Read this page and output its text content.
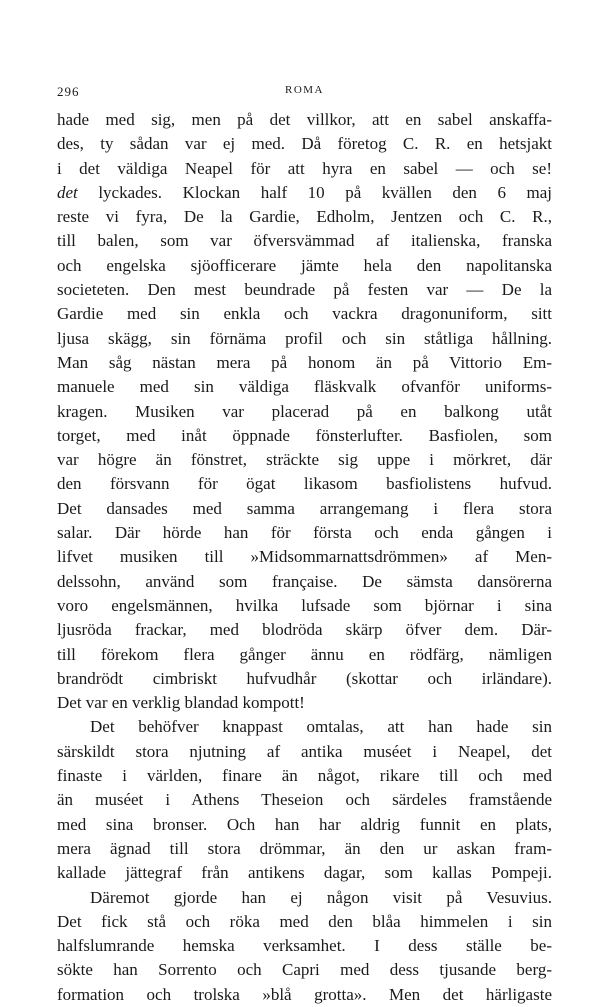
296	ROMA
hade med sig, men på det villkor, att en sabel anskaffa-
des, ty sådan var ej med. Då företog C. R. en hetsjakt
i det väldiga Neapel för att hyra en sabel — och se!
det lyckades. Klockan half 10 på kvällen den 6 maj
reste vi fyra, De la Gardie, Edholm, Jentzen och C. R.,
till balen, som var öfversvämmad af italienska, franska
och engelska sjöofficerare jämte hela den napolitanska
societeten. Den mest beundrade på festen var — De la
Gardie med sin enkla och vackra dragonuniform, sitt
ljusa skägg, sin förnäma profil och sin ståtliga hållning.
Man såg nästan mera på honom än på Vittorio Em-
manuele med sin väldiga fläskvalk ofvanför uniforms-
kragen. Musiken var placerad på en balkong utåt
torget, med inåt öppnade fönsterlufter. Basfiolen, som
var högre än fönstret, sträckte sig uppe i mörkret, där
den försvann för ögat likasom basfiolistens hufvud.
Det dansades med samma arrangemang i flera stora
salar. Där hörde han för första och enda gången i
lifvet musiken till »Midsommarnattsdrömmen» af Men-
delssohn, använd som française. De sämsta dansörerna
voro engelsmännen, hvilka lufsade som björnar i sina
ljusröda frackar, med blodröda skärp öfver dem. Där-
till förekom flera gånger ännu en rödfärg, nämligen
brandrödt cimbriskt hufvudhår (skottar och irländare).
Det var en verklig blandad kompott!
Det behöfver knappast omtalas, att han hade sin
särskildt stora njutning af antika muséet i Neapel, det
finaste i världen, finare än något, rikare till och med
än muséet i Athens Theseion och särdeles framstående
med sina bronser. Och han har aldrig funnit en plats,
mera ägnad till stora drömmar, än den ur askan fram-
kallade jättegraf från antikens dagar, som kallas Pompeji.
Däremot gjorde han ej någon visit på Vesuvius.
Det fick stå och röka med den blåa himmelen i sin
halfslumrande hemska verksamhet. I dess ställe be-
sökte han Sorrento och Capri med dess tjusande berg-
formation och trolska »blå grotta». Men det härligaste
